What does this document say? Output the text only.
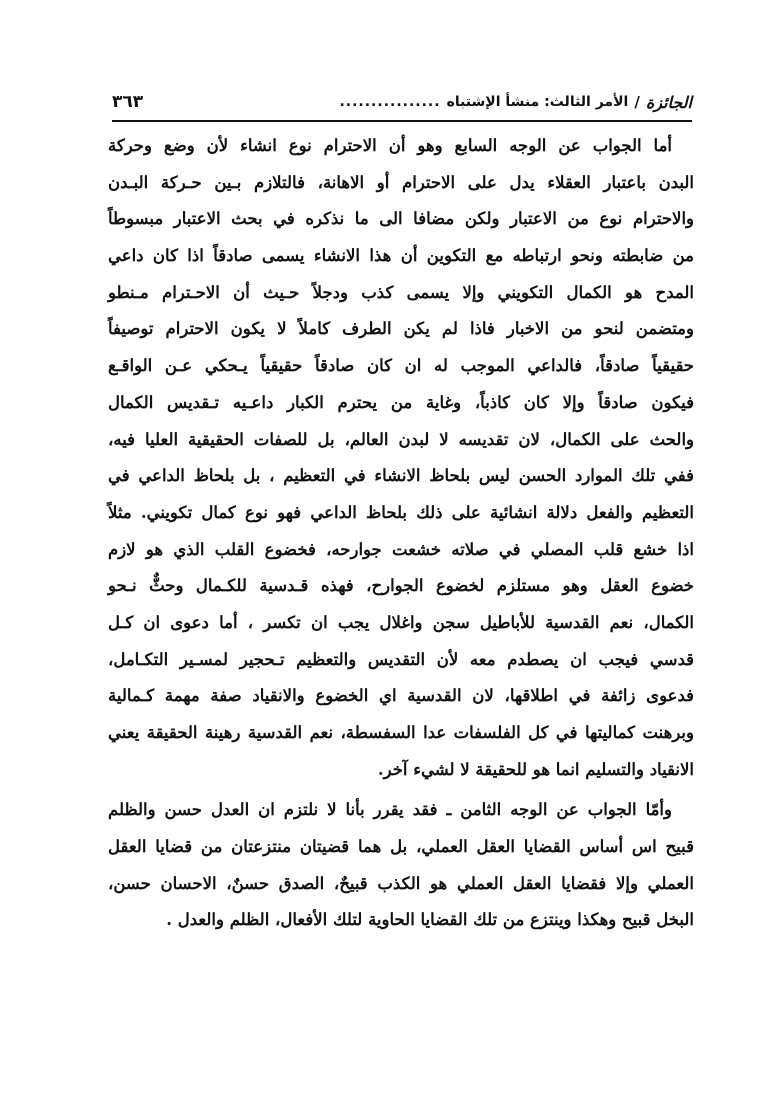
الجائزة
/
الأمر الثالث: منشأ الإشتباه
................
٣٦٣
أما الجواب عن الوجه السابع وهو أن الاحترام نوع انشاء لأن وضع وحركة
البدن باعتبار العقلاء يدل على الاحترام أو الاهانة، فالتلازم بـين حـركة البـدن
والاحترام نوع من الاعتبار ولكن مضافا الى ما نذكره في بحث الاعتبار مبسوطاً
من ضابطته ونحو ارتباطه مع التكوين أن هذا الانشاء يسمى صادقاً اذا كان داعي
المدح هو الكمال التكويني وإلا يسمى كذب ودجلاً حـيث أن الاحـترام مـنطو
ومتضمن لنحو من الاخبار فاذا لم يكن الطرف كاملاً لا يكون الاحترام توصيفاً
حقيقياً صادقاً، فالداعي الموجب له ان كان صادقاً حقيقياً يـحكي عـن الواقـع
فيكون صادقاً وإلا كان كاذباً، وغاية من يحترم الكبار داعـيه تـقديس الكمال
والحث على الكمال، لان تقديسه لا لبدن العالم، بل للصفات الحقيقية العليا فيه،
ففي تلك الموارد الحسن ليس بلحاظ الانشاء في التعظيم ، بل بلحاظ الداعي في
التعظيم والفعل دلالة انشائية على ذلك بلحاظ الداعي فهو نوع كمال تكويني. مثلاً
اذا خشع قلب المصلي في صلاته خشعت جوارحه، فخضوع القلب الذي هو لازم
خضوع العقل وهو مستلزم لخضوع الجوارح، فهذه قـدسية للكـمال وحثٌّ نـحو
الكمال، نعم القدسية للأباطيل سجن واغلال يجب ان تكسر ، أما دعوى ان كـل
قدسي فيجب ان يصطدم معه لأن التقديس والتعظيم تـحجير لمسـير التكـامل،
فدعوى زائفة في اطلاقها، لان القدسية اي الخضوع والانقياد صفة مهمة كـمالية
وبرهنت كماليتها في كل الفلسفات عدا السفسطة، نعم القدسية رهينة الحقيقة يعني
الانقياد والتسليم انما هو للحقيقة لا لشيء آخر.
وأمّا الجواب عن الوجه الثامن ـ فقد يقرر بأنا لا نلتزم ان العدل حسن والظلم
قبيح اس أساس القضايا العقل العملي، بل هما قضيتان منتزعتان من قضايا العقل
العملي وإلا فقضايا العقل العملي هو الكذب قبيحٌ، الصدق حسنٌ، الاحسان حسن،
البخل قبيح وهكذا وينتزع من تلك القضايا الحاوية لتلك الأفعال، الظلم والعدل .
